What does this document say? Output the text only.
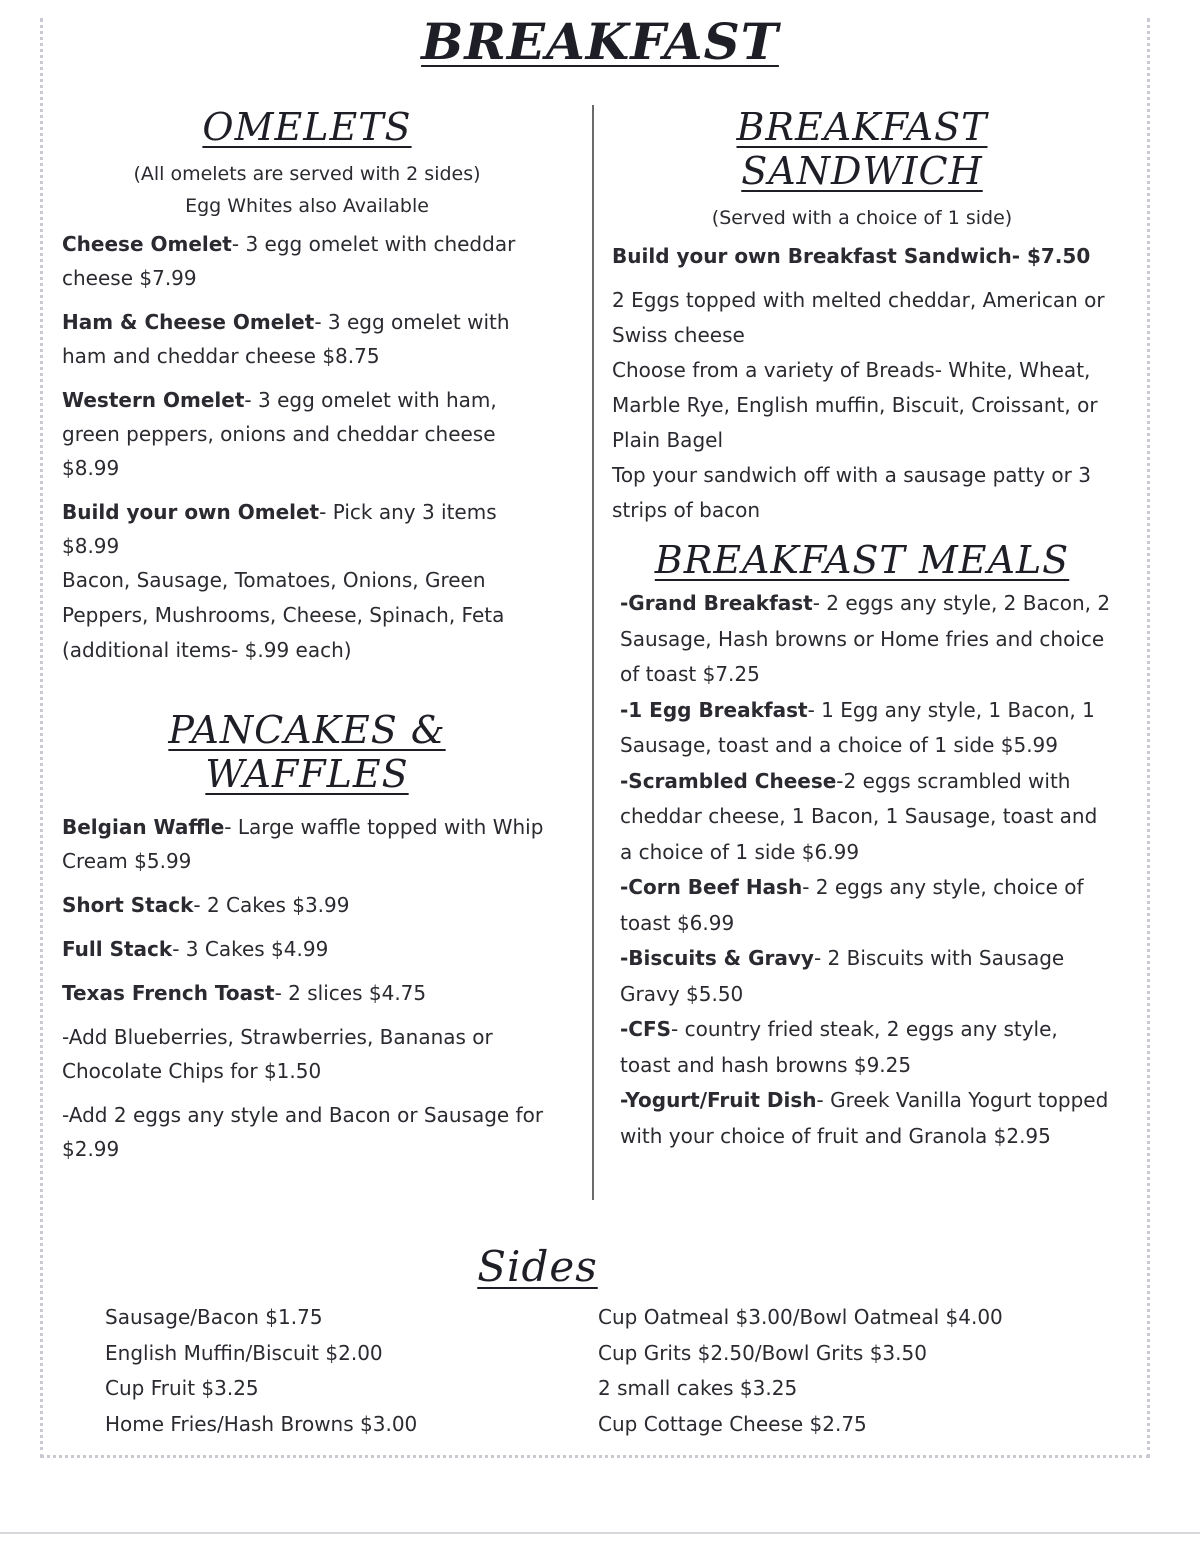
BREAKFAST
OMELETS
(All omelets are served with 2 sides)
Egg Whites also Available
Cheese Omelet- 3 egg omelet with cheddar cheese $7.99
Ham & Cheese Omelet- 3 egg omelet with ham and cheddar cheese $8.75
Western Omelet- 3 egg omelet with ham, green peppers, onions and cheddar cheese $8.99
Build your own Omelet- Pick any 3 items $8.99
Bacon, Sausage, Tomatoes, Onions, Green Peppers, Mushrooms, Cheese, Spinach, Feta
(additional items- $.99 each)
PANCAKES & WAFFLES
Belgian Waffle- Large waffle topped with Whip Cream $5.99
Short Stack- 2 Cakes $3.99
Full Stack- 3 Cakes $4.99
Texas French Toast- 2 slices $4.75
-Add Blueberries, Strawberries, Bananas or Chocolate Chips for $1.50
-Add 2 eggs any style and Bacon or Sausage for $2.99
BREAKFAST SANDWICH
(Served with a choice of 1 side)
Build your own Breakfast Sandwich- $7.50
2 Eggs topped with melted cheddar, American or Swiss cheese
Choose from a variety of Breads- White, Wheat, Marble Rye, English muffin, Biscuit, Croissant, or Plain Bagel
Top your sandwich off with a sausage patty or 3 strips of bacon
BREAKFAST MEALS
-Grand Breakfast- 2 eggs any style, 2 Bacon, 2 Sausage, Hash browns or Home fries and choice of toast $7.25
-1 Egg Breakfast- 1 Egg any style, 1 Bacon, 1 Sausage, toast and a choice of 1 side $5.99
-Scrambled Cheese-2 eggs scrambled with cheddar cheese, 1 Bacon, 1 Sausage, toast and a choice of 1 side $6.99
-Corn Beef Hash- 2 eggs any style, choice of toast $6.99
-Biscuits & Gravy- 2 Biscuits with Sausage Gravy $5.50
-CFS- country fried steak, 2 eggs any style, toast and hash browns $9.25
-Yogurt/Fruit Dish- Greek Vanilla Yogurt topped with your choice of fruit and Granola $2.95
Sides
Sausage/Bacon $1.75
English Muffin/Biscuit $2.00
Cup Fruit $3.25
Home Fries/Hash Browns $3.00
Cup Oatmeal $3.00/Bowl Oatmeal $4.00
Cup Grits $2.50/Bowl Grits $3.50
2 small cakes $3.25
Cup Cottage Cheese $2.75
